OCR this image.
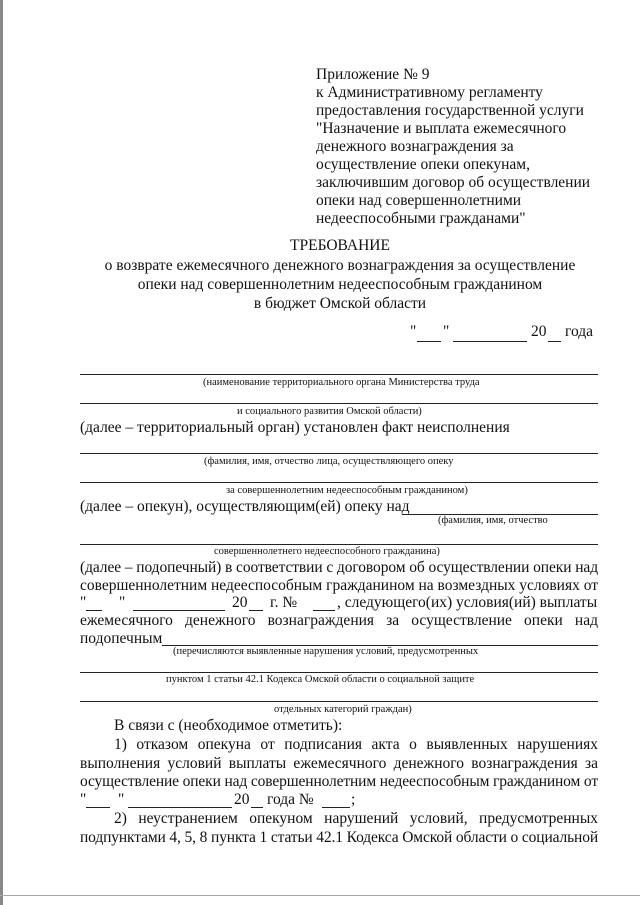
Приложение № 9
к Административному регламенту
предоставления государственной услуги
"Назначение и выплата ежемесячного
денежного вознаграждения за
осуществление опеки опекунам,
заключившим договор об осуществлении
опеки над совершеннолетними
недееспособными гражданами"
ТРЕБОВАНИЕ
о возврате ежемесячного денежного вознаграждения за осуществление
опеки над совершеннолетним недееспособным гражданином
в бюджет Омской области
" "	20 года
(наименование территориального органа Министерства труда
и социального развития Омской области)
(далее – территориальный орган) установлен факт неисполнения
(фамилия, имя, отчество лица, осуществляющего опеку
за совершеннолетним недееспособным гражданином)
(далее – опекун), осуществляющим(ей) опеку над
(фамилия, имя, отчество
совершеннолетнего недееспособного гражданина)
(далее – подопечный) в соответствии с договором об осуществлении опеки над
совершеннолетним недееспособным гражданином на возмездных условиях от
" "	20 г. №	, следующего(их) условия(ий) выплаты
ежемесячного денежного вознаграждения за осуществление опеки над
подопечным
(перечисляются выявленные нарушения условий, предусмотренных
пунктом 1 статьи 42.1 Кодекса Омской области о социальной защите
отдельных категорий граждан)
В связи с (необходимое отметить):
1) отказом опекуна от подписания акта о выявленных нарушениях
выполнения условий выплаты ежемесячного денежного вознаграждения за
осуществление опеки над совершеннолетним недееспособным гражданином от
" "	20 года № ;
2) неустранением опекуном нарушений условий, предусмотренных
подпунктами 4, 5, 8 пункта 1 статьи 42.1 Кодекса Омской области о социальной
